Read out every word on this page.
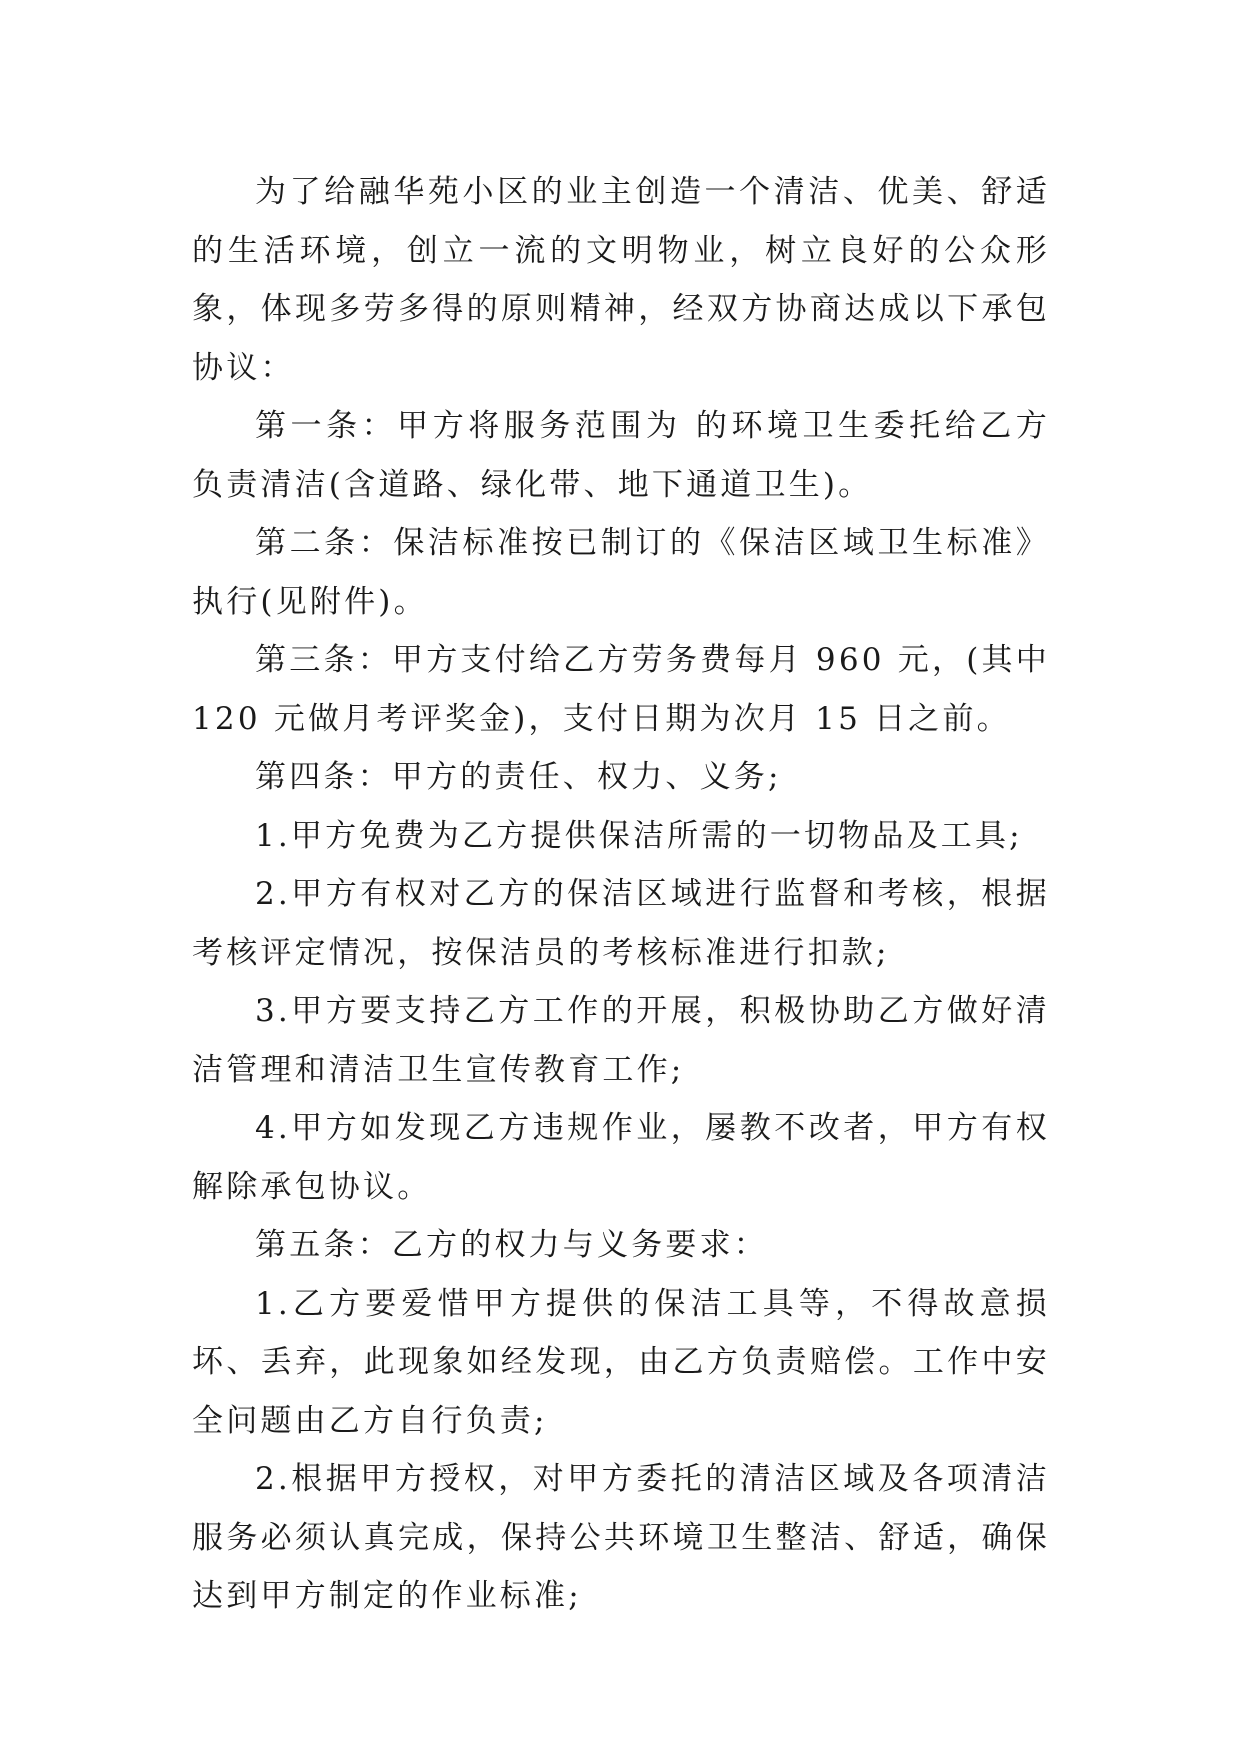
为了给融华苑小区的业主创造一个清洁、优美、舒适的生活环境，创立一流的文明物业，树立良好的公众形象，体现多劳多得的原则精神，经双方协商达成以下承包协议：

第一条：甲方将服务范围为 的环境卫生委托给乙方负责清洁(含道路、绿化带、地下通道卫生)。

第二条：保洁标准按已制订的《保洁区域卫生标准》执行(见附件)。

第三条：甲方支付给乙方劳务费每月 960 元，(其中 120 元做月考评奖金)，支付日期为次月 15 日之前。

第四条：甲方的责任、权力、义务;

1.甲方免费为乙方提供保洁所需的一切物品及工具;

2.甲方有权对乙方的保洁区域进行监督和考核，根据考核评定情况，按保洁员的考核标准进行扣款;

3.甲方要支持乙方工作的开展，积极协助乙方做好清洁管理和清洁卫生宣传教育工作;

4.甲方如发现乙方违规作业，屡教不改者，甲方有权解除承包协议。

第五条：乙方的权力与义务要求：

1.乙方要爱惜甲方提供的保洁工具等，不得故意损坏、丢弃，此现象如经发现，由乙方负责赔偿。工作中安全问题由乙方自行负责;

2.根据甲方授权，对甲方委托的清洁区域及各项清洁服务必须认真完成，保持公共环境卫生整洁、舒适，确保达到甲方制定的作业标准;
